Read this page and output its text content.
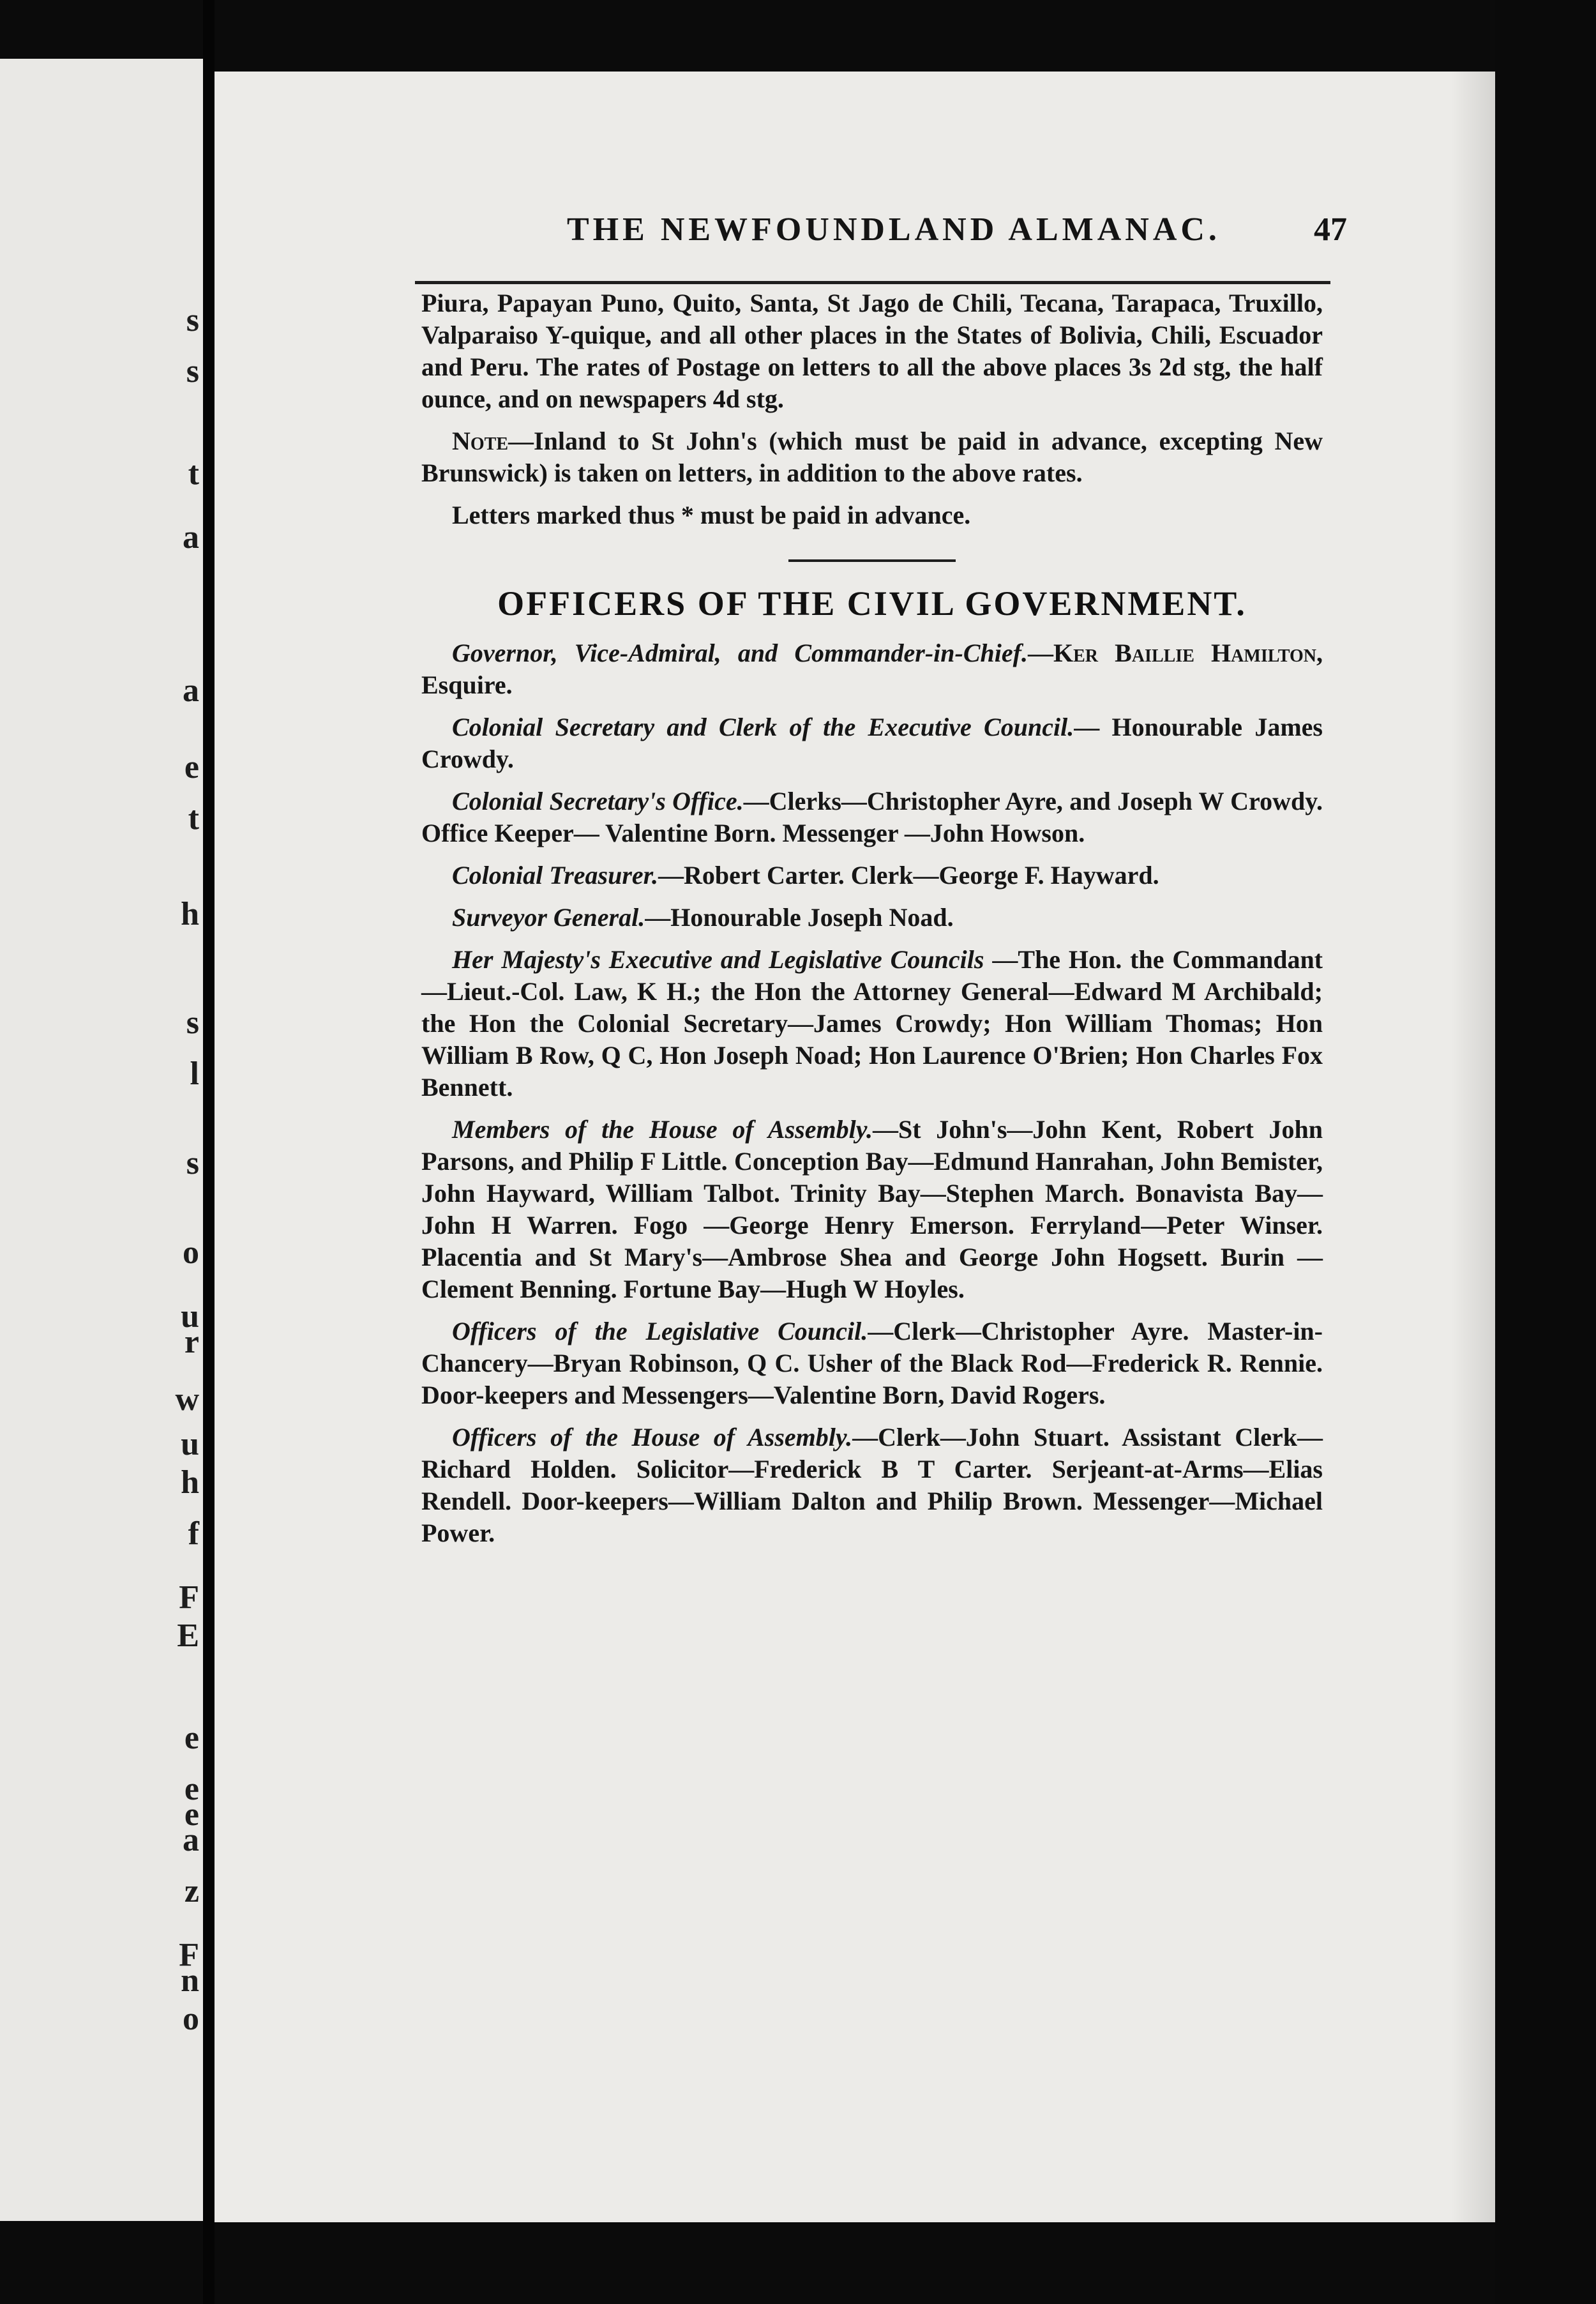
s
s
t
a
a
e
t
h
s
l
s
o
u
r
w
u
h
f
F
E
e
e
e
a
z
F
n
o
THE NEWFOUNDLAND ALMANAC.	47

Piura, Papayan Puno, Quito, Santa, St Jago de Chili, Tecana, Tarapaca, Truxillo, Valparaiso Y-quique, and all other places in the States of Bolivia, Chili, Escuador and Peru. The rates of Postage on letters to all the above places 3s 2d stg, the half ounce, and on newspapers 4d stg.

Note—Inland to St John's (which must be paid in advance, excepting New Brunswick) is taken on letters, in addition to the above rates.

Letters marked thus * must be paid in advance.

OFFICERS OF THE CIVIL GOVERNMENT.

Governor, Vice-Admiral, and Commander-in-Chief.—Ker Baillie Hamilton, Esquire.

Colonial Secretary and Clerk of the Executive Council.— Honourable James Crowdy.

Colonial Secretary's Office.—Clerks—Christopher Ayre, and Joseph W Crowdy. Office Keeper— Valentine Born. Messenger —John Howson.

Colonial Treasurer.—Robert Carter. Clerk—George F. Hayward.

Surveyor General.—Honourable Joseph Noad.

Her Majesty's Executive and Legislative Councils —The Hon. the Commandant—Lieut.-Col. Law, K H.; the Hon the Attorney General—Edward M Archibald; the Hon the Colonial Secretary—James Crowdy; Hon William Thomas; Hon William B Row, Q C, Hon Joseph Noad; Hon Laurence O'Brien; Hon Charles Fox Bennett.

Members of the House of Assembly.—St John's—John Kent, Robert John Parsons, and Philip F Little. Conception Bay—Edmund Hanrahan, John Bemister, John Hayward, William Talbot. Trinity Bay—Stephen March. Bonavista Bay—John H Warren. Fogo —George Henry Emerson. Ferryland—Peter Winser. Placentia and St Mary's—Ambrose Shea and George John Hogsett. Burin —Clement Benning. Fortune Bay—Hugh W Hoyles.

Officers of the Legislative Council.—Clerk—Christopher Ayre. Master-in-Chancery—Bryan Robinson, Q C. Usher of the Black Rod—Frederick R. Rennie. Door-keepers and Messengers—Valentine Born, David Rogers.

Officers of the House of Assembly.—Clerk—John Stuart. Assistant Clerk—Richard Holden. Solicitor—Frederick B T Carter. Serjeant-at-Arms—Elias Rendell. Door-keepers—William Dalton and Philip Brown. Messenger—Michael Power.
